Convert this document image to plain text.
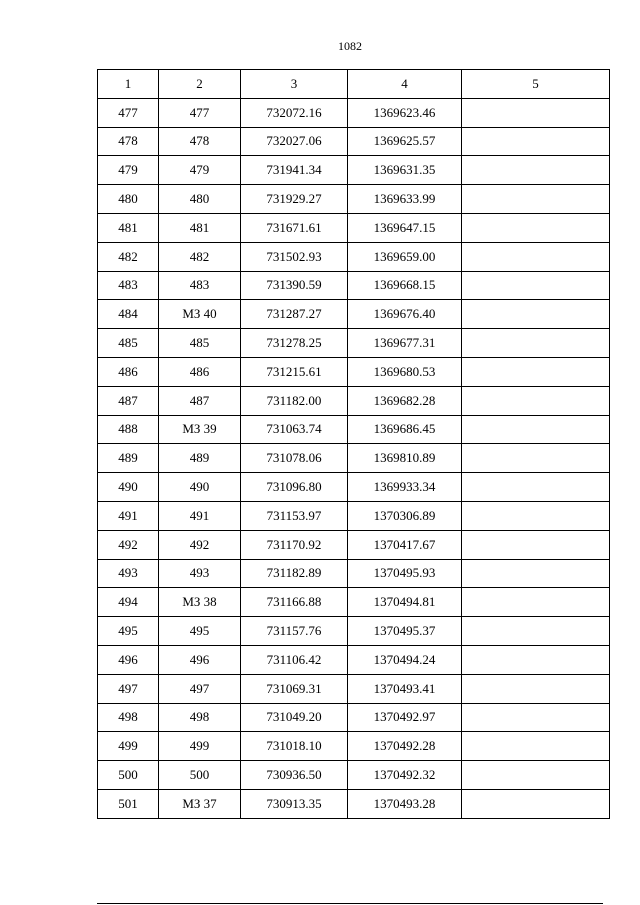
1082
1	2	3	4	5
477	477	732072.16	1369623.46	
478	478	732027.06	1369625.57	
479	479	731941.34	1369631.35	
480	480	731929.27	1369633.99	
481	481	731671.61	1369647.15	
482	482	731502.93	1369659.00	
483	483	731390.59	1369668.15	
484	МЗ 40	731287.27	1369676.40	
485	485	731278.25	1369677.31	
486	486	731215.61	1369680.53	
487	487	731182.00	1369682.28	
488	МЗ 39	731063.74	1369686.45	
489	489	731078.06	1369810.89	
490	490	731096.80	1369933.34	
491	491	731153.97	1370306.89	
492	492	731170.92	1370417.67	
493	493	731182.89	1370495.93	
494	МЗ 38	731166.88	1370494.81	
495	495	731157.76	1370495.37	
496	496	731106.42	1370494.24	
497	497	731069.31	1370493.41	
498	498	731049.20	1370492.97	
499	499	731018.10	1370492.28	
500	500	730936.50	1370492.32	
501	МЗ 37	730913.35	1370493.28	
